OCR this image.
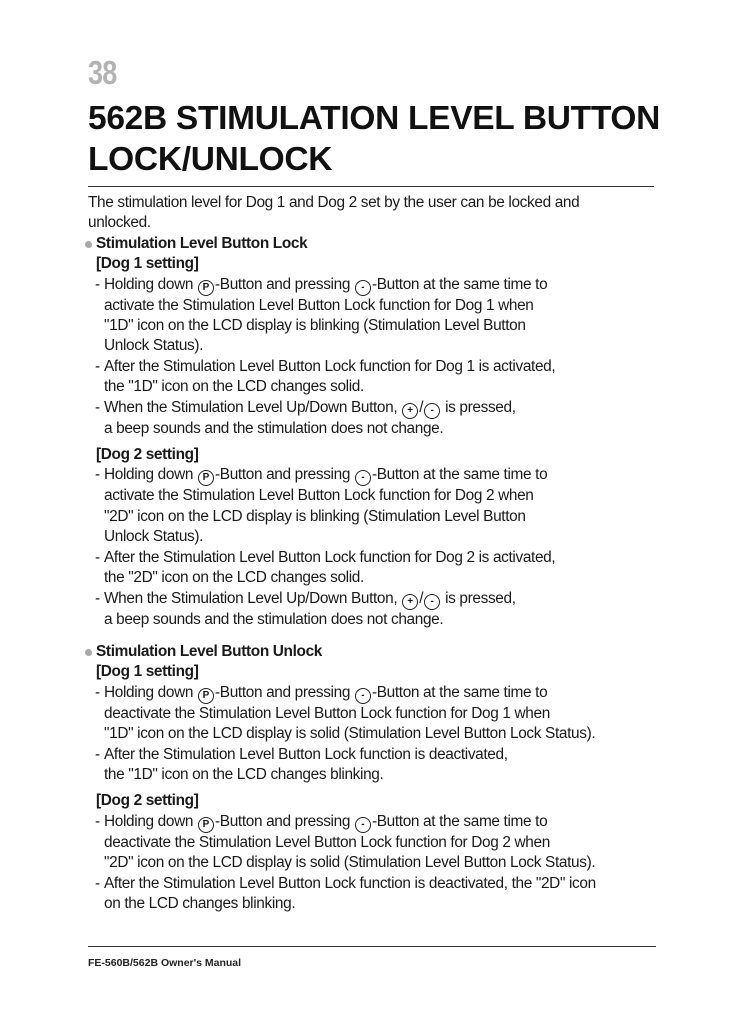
38
562B STIMULATION LEVEL BUTTON
LOCK/UNLOCK

The stimulation level for Dog 1 and Dog 2 set by the user can be locked and
unlocked.

Stimulation Level Button Lock

[Dog 1 setting]

- Holding down P -Button and pressing - -Button at the same time to
activate the Stimulation Level Button Lock function for Dog 1 when
"1D" icon on the LCD display is blinking (Stimulation Level Button
Unlock Status).

- After the Stimulation Level Button Lock function for Dog 1 is activated,
the "1D" icon on the LCD changes solid.

- When the Stimulation Level Up/Down Button, + / - is pressed,
a beep sounds and the stimulation does not change.

[Dog 2 setting]

- Holding down P -Button and pressing - -Button at the same time to
activate the Stimulation Level Button Lock function for Dog 2 when
"2D" icon on the LCD display is blinking (Stimulation Level Button
Unlock Status).

- After the Stimulation Level Button Lock function for Dog 2 is activated,
the "2D" icon on the LCD changes solid.

- When the Stimulation Level Up/Down Button, + / - is pressed,
a beep sounds and the stimulation does not change.

Stimulation Level Button Unlock

[Dog 1 setting]

- Holding down P -Button and pressing - -Button at the same time to
deactivate the Stimulation Level Button Lock function for Dog 1 when
"1D" icon on the LCD display is solid (Stimulation Level Button Lock Status).

- After the Stimulation Level Button Lock function is deactivated,
the "1D" icon on the LCD changes blinking.

[Dog 2 setting]

- Holding down P -Button and pressing - -Button at the same time to
deactivate the Stimulation Level Button Lock function for Dog 2 when
"2D" icon on the LCD display is solid (Stimulation Level Button Lock Status).

- After the Stimulation Level Button Lock function is deactivated, the "2D" icon
on the LCD changes blinking.

FE-560B/562B Owner's Manual
